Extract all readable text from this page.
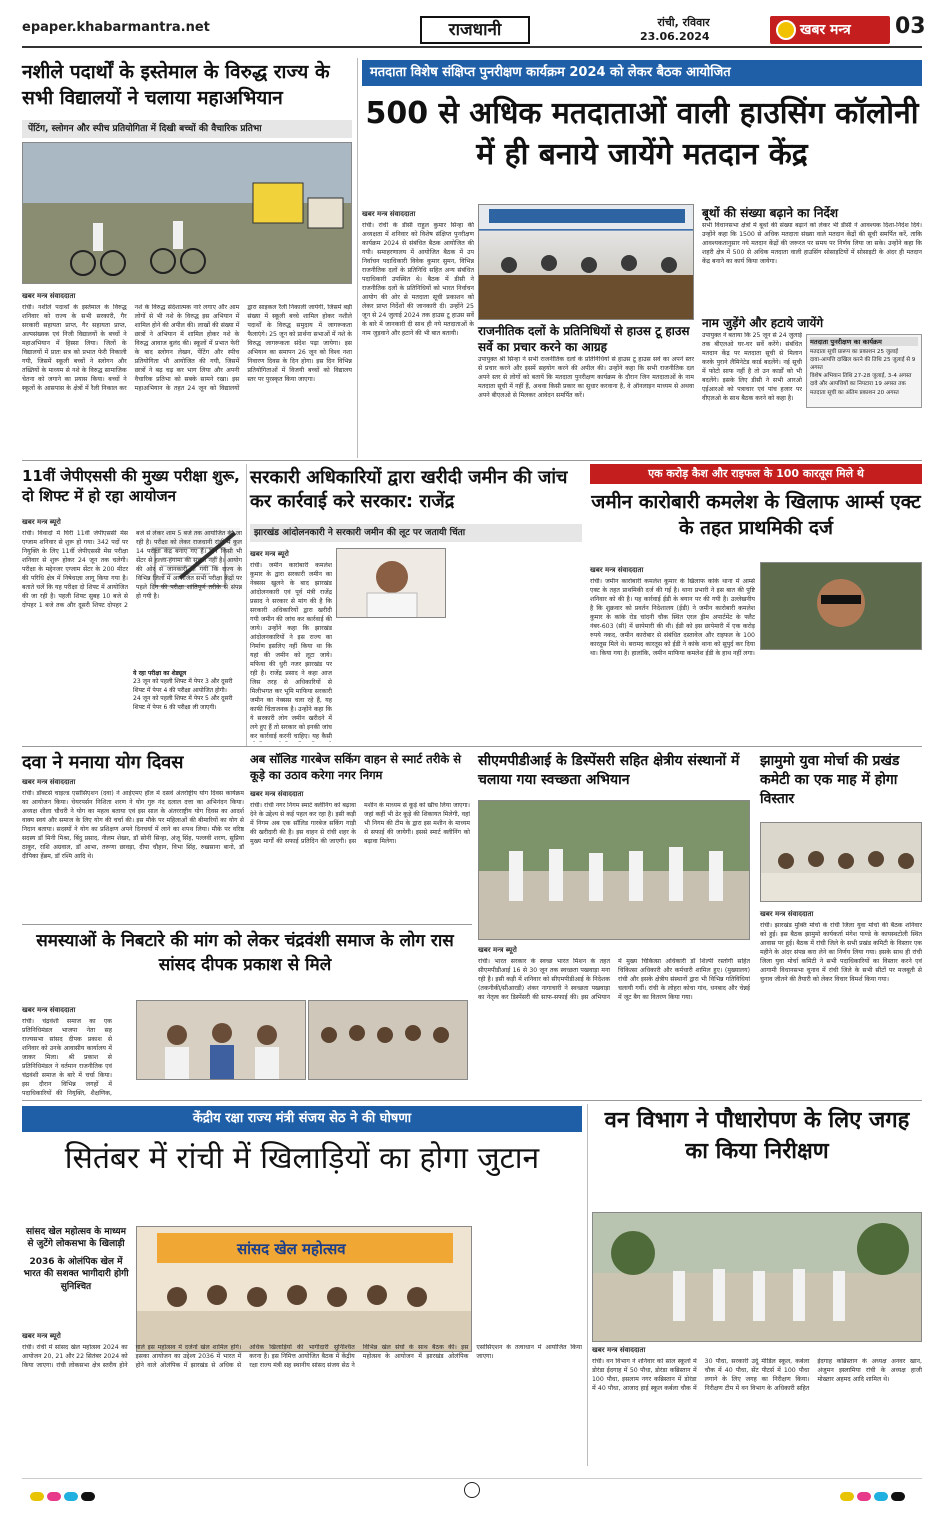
epaper.khabarmantra.net	राजधानी	रांची, रविवार
23.06.2024	खबर मन्त्र	03
नशीले पदार्थों के इस्तेमाल के विरुद्ध राज्य के सभी विद्यालयों ने चलाया महाअभियान
पेंटिंग, स्लोगन और स्पीच प्रतियोगिता में दिखी बच्चों की वैचारिक प्रतिभा
खबर मन्त्र संवाददाता
रांची। नशीले पदार्थों के इस्तेमाल के विरुद्ध शनिवार को राज्य के सभी सरकारी, गैर सरकारी सहायता प्राप्त, गैर सहायता प्राप्त, अल्पसंख्यक एवं निजी विद्यालयों के बच्चों ने महाअभियान में हिस्सा लिया। जिलों के विद्यालयों में प्रातः सत्र को प्रभात फेरी निकाली गयी, जिसमें स्कूली बच्चों ने स्लोगन और तख्तियों के माध्यम से नशे के विरुद्ध सामाजिक चेतना को जगाने का प्रयास किया। बच्चों ने स्कूलों के आसपास के क्षेत्रों में रैली निकाल कर नशे के विरुद्ध संदेशात्मक नारे लगाए और आम लोगों से भी नशे के विरुद्ध इस अभियान में शामिल होने की अपील की। लाखों की संख्या में छात्रों ने अभियान में शामिल होकर नशे के विरुद्ध आवाज बुलंद की। स्कूलों में प्रभात फेरी के बाद स्लोगन लेखन, पेंटिंग और स्पीच प्रतियोगिता भी आयोजित की गयी, जिसमें छात्रों ने बढ़ चढ़ कर भाग लिया और अपनी वैचारिक प्रतिभा को सबके सामने रखा। इस महाअभियान के तहत 24 जून को विद्यालयों द्वारा साइकल रैली निकाली जायेगी, जिसमें बड़ी संख्या में स्कूली बच्चे शामिल होकर नशीले पदार्थों के विरुद्ध समुदाय में जागरूकता फैलाएंगे। 25 जून को प्रार्थना सभाओं में नशे के विरुद्ध जागरूकता संदेश पढ़ा जायेगा। इस अभियान का समापन 26 जून को विश्व नशा निवारण दिवस के दिन होगा। इस दिन विभिन्न प्रतियोगिताओं में विजयी बच्चों को विद्यालय स्तर पर पुरस्कृत किया जाएगा।
मतदाता विशेष संक्षिप्त पुनरीक्षण कार्यक्रम 2024 को लेकर बैठक आयोजित
500 से अधिक मतदाताओं वाली हाउसिंग कॉलोनी में ही बनाये जायेंगे मतदान केंद्र
खबर मन्त्र संवाददाता
रांची। रांची के डीसी राहुल कुमार सिन्हा की अध्यक्षता में शनिवार को विशेष संक्षिप्त पुनरीक्षण कार्यक्रम 2024 से संबंधित बैठक आयोजित की गयी। समाहरणालय में आयोजित बैठक में उप निर्वाचन पदाधिकारी विवेक कुमार सुमन, विभिन्न राजनीतिक दलों के प्रतिनिधि सहित अन्य संबंधित पदाधिकारी उपस्थित थे। बैठक में डीसी ने राजनीतिक दलों के प्रतिनिधियों को भारत निर्वाचन आयोग की ओर से मतदाता सूची प्रकाशन को लेकर प्राप्त निर्देशों की जानकारी दी। उन्होंने 25 जून से 24 जुलाई 2024 तक हाउस टू हाउस सर्वे के बारे में जानकारी दी साथ ही नये मतदाताओं के नाम जुड़वाने और हटाने की भी बात बतायी।	राजनीतिक दलों के प्रतिनिधियों से हाउस टू हाउस सर्वे का प्रचार करने का आग्रह
उपायुक्त श्री सिन्हा ने सभी राजनीतिक दलों के प्रतिनिधियों से हाउस टू हाउस सर्वे का अपने स्तर से प्रचार करने और इसमें सहयोग करने की अपील की। उन्होंने कहा कि सभी राजनीतिक दल अपने स्तर से लोगों को बतायें कि मतदाता पुनरीक्षण कार्यक्रम के दौरान जिन मतदाताओं के नाम मतदाता सूची में नहीं हैं, अथवा किसी प्रकार का सुधार करवाना है, वे ऑनलाइन माध्यम से अथवा अपने बीएलओ से मिलकर आवेदन समर्पित करें।
बूथों की संख्या बढ़ाने का निर्देश
सभी विधानसभा क्षेत्रों में बूथों की संख्या बढ़ाने को लेकर भी डीसी ने आवश्यक दिशा-निर्देश दिये। उन्होंने कहा कि 1500 से अधिक मतदाता संख्या वाले मतदान केंद्रों की सूची समर्पित करें, ताकि आवश्यकतानुसार नये मतदान केंद्रों की जरूरत पर समय पर निर्णय लिया जा सके। उन्होंने कहा कि शहरी क्षेत्र में 500 से अधिक मतदाता वाली हाउसिंग सोसाइटियों में सोसाइटी के अंदर ही मतदान केंद्र बनाने का कार्य किया जायेगा।
नाम जुड़ेंगे और हटाये जायेंगे
उपायुक्त ने बताया कि 25 जून से 24 जुलाई तक बीएलओ घर-घर सर्वे करेंगे। संबंधित मतदान केंद्र पर मतदाता सूची से मिलान करके पुराने लैमिनेटेड कार्ड बदलेंगे। नई सूची में फोटो साफ नहीं है तो उन कार्डों को भी बदलेंगे। इसके लिए डीसी ने सभी आरओ एईआरओ को पत्राचार एवं पांच हजार पर वीएलओ के साथ बैठक करने को कहा है।
मतदाता पुनरीक्षण का कार्यक्रम
मतदाता सूची प्रारूप का प्रकाशन 25 जुलाई
दावा-आपत्ति दाखिल करने की तिथि 25 जुलाई से 9 अगस्त
विशेष अभियान तिथि 27-28 जुलाई, 3-4 अगस्त
दावे और आपत्तियों का निपटारा 19 अगस्त तक
मतदाता सूची का अंतिम प्रकाशन 20 अगस्त
11वीं जेपीएससी की मुख्य परीक्षा शुरू, दो शिफ्ट में हो रहा आयोजन
खबर मन्त्र ब्यूरो
रांची। विवादों में घिरी 11वीं जेपीएससी मेंस एग्जाम शनिवार से शुरू हो गया। 342 पदों पर नियुक्ति के लिए 11वीं जेपीएससी मेंस परीक्षा शनिवार से शुरू होकर 24 जून तक चलेगी। परीक्षा के मद्देनजर एग्जाम सेंटर के 200 मीटर की परिधि क्षेत्र में निषेधाज्ञा लागू किया गया है। बताते चलें कि यह परीक्षा दो शिफ्ट में आयोजित की जा रही है। पहली शिफ्ट सुबह 10 बजे से दोपहर 1 बजे तक और दूसरी शिफ्ट दोपहर 2 बजे से लेकर शाम 5 बजे तक आयोजित की जा रही है। परीक्षा को लेकर राजधानी रांची में कुल 14 परीक्षा केंद्र बनाए गए हैं। दिन किसी भी सेंटर से हल्ला-हंगामा की सूचना नहीं है। आयोग की ओर से जानकारी दी गयी कि राज्य के विभिन्न जिलों में आयोजित सभी परीक्षा केंद्रों पर पहले दिन की परीक्षा शांतिपूर्ण तरीके से संपन्न हो गयी है।
ये रहा परीक्षा का शेड्यूल
23 जून को पहली शिफ्ट में पेपर 3 और दूसरी शिफ्ट में पेपर 4 की परीक्षा आयोजित होगी।
24 जून को पहली शिफ्ट में पेपर 5 और दूसरी शिफ्ट में पेपर 6 की परीक्षा ली जाएगी।
सरकारी अधिकारियों द्वारा खरीदी जमीन की जांच कर कार्रवाई करे सरकार: राजेंद्र
झारखंड आंदोलनकारी ने सरकारी जमीन की लूट पर जतायी चिंता
खबर मन्त्र ब्यूरो
रांची। जमीन कारोबारी कमलेश कुमार के द्वारा सरकारी जमीन का नेक्सस खुलने के बाद झारखंड आंदोलनकारी एवं पूर्व मंत्री राजेंद्र प्रसाद ने सरकार से मांग की है कि सरकारी अधिकारियों द्वारा खरीदी गयी जमीन की जांच कर कार्रवाई की जाये। उन्होंने कहा कि झारखंड आंदोलनकारियों ने इस राज्य का निर्माण इसलिए नहीं किया था कि यहां की जमीन को लूटा जाये। मफिया की धुरी नजर झारखंड पर रही है। राजेंद्र प्रसाद ने कहा आज जिस तरह से अधिकारियों से मिलीभगत कर भूमि माफिया सरकारी जमीन का नेक्सस चला रहे हैं, यह काफी चिंताजनक है। उन्होंने कहा कि ये सरकारी लोग जमीन खरीदने में लगे हुए हैं तो सरकार को इनकी जांच कर कार्रवाई करनी चाहिए। यह कैसी
एक करोड़ कैश और राइफल के 100 कारतूस मिले थे
जमीन कारोबारी कमलेश के खिलाफ आर्म्स एक्ट के तहत प्राथमिकी दर्ज
खबर मन्त्र संवाददाता
रांची। जमीन कारोबारी कमलेश कुमार के खिलाफ कांके थाना में आर्म्स एक्ट के तहत प्राथमिकी दर्ज की गई है। थाना प्रभारी ने इस बात की पुष्टि शनिवार को की है। यह कार्रवाई ईडी के बयान पर की गयी है। उल्लेखनीय है कि शुक्रवार को प्रवर्तन निदेशालय (ईडी) ने जमीन कारोबारी कमलेश कुमार के कांके रोड चांदनी चौक स्थित एरल ड्रीम अपार्टमेंट के फ्लैट नंबर-603 (सी) में छापेमारी की थी। ईडी को इस छापेमारी में एक करोड़ रुपये नकद, जमीन कारोबार से संबंधित दस्तावेज और राइफल के 100 कारतूस मिले थे। बरामद कारतूस को ईडी ने कांके थाना को सुपुर्द कर दिया था। किया गया है। हालांकि, जमीन माफिया कमलेश ईडी के हाथ नहीं लगा।
दवा ने मनाया योग दिवस
खबर मन्त्र संवाददाता
रांची। डॉक्टर्स चाइल्ड एसोसिएशन (दवा) ने आईएमए हॉल में दसवें अंतर्राष्ट्रीय योग दिवस कार्यक्रम का आयोजन किया। चेयरपर्सन निशिता शरण ने योग गुरु नंद दलाल दत्ता का अभिनंदन किया। अध्यक्ष शीला चौधरी ने योग का महत्व बताया एवं इस साल के अंतरराष्ट्रीय योग दिवस का आदर्श वाक्य स्वयं और समाज के लिए योग की चर्चा की। इस मौके पर महिलाओं की बीमारियों का योग से निदान बताया। सदस्यों ने योग का प्रशिक्षण अपने दिनचर्या में लाने का शपथ लिया। मौके पर वरिष्ठ सदस्य डॉ मिनी मिश्रा, बिंदु प्रसाद, नीलम शेखर, डॉ सोनी सिन्हा, अंजू सिंह, पल्लवी शरण, सुप्रिया ठाकुर, राशि अग्रवाल, डॉ आभा, तरूणा छावड़ा, दीपा चौहान, विभा सिंह, रुखसाना बानो, डॉ दीपिका हेंब्रम, डॉ रश्मि आदि थे।
अब सॉलिड गारबेज सकिंग वाहन से स्मार्ट तरीके से कूड़े का उठाव करेगा नगर निगम
खबर मन्त्र संवाददाता
रांची। रांची नगर निगम स्मार्ट क्लीनिंग को बढ़ावा देने के उद्देश्य से कई पहल कर रहा है। इसी कड़ी में निगम अब एक सॉलिड गारबेज सकिंग गाड़ी की खरीदारी की है। इस वाहन से रांची शहर के मुख्य मार्गों की सफाई प्रतिदिन की जाएगी। इस मशीन के माध्यम से कूड़े को खींच लिया जाएगा। जहां कहीं भी ढेर कूड़े की शिकायत मिलेगी, वहां भी निगम की टीम के द्वारा इस मशीन के माध्यम से सफाई की जायेगी। इससे स्मार्ट क्लीनिंग को बढ़ावा मिलेगा।
सीएमपीडीआई के डिस्पेंसरी सहित क्षेत्रीय संस्थानों में चलाया गया स्वच्छता अभियान
खबर मन्त्र ब्यूरो
रांची। भारत सरकार के स्वच्छ भारत मिशन के तहत सीएमपीडीआई 16 से 30 जून तक स्वच्छता पखवाड़ा मना रही है। इसी कड़ी में शनिवार को सीएमपीडीआई के निदेशक (तकनीकी/सीआरडी) शंकर नागाचारी ने स्वच्छता पखवाड़ा का नेतृत्व कर डिस्पेंसरी की साफ-सफाई की। इस अभियान में मुख्य चिकित्सा अधिकारी डॉ शिल्पी रस्तोगी सहित चिकित्सा अधिकारी और कर्मचारी शामिल हुए। (मुख्यालय) रांची और इसके क्षेत्रीय संस्थानों द्वारा भी विभिन्न गतिविधियां चलायी गयीं। रांची के लोहरा कोचा गांव, धनबाद और चेन्नई में जूट बैग का वितरण किया गया।
झामुमो युवा मोर्चा की प्रखंड कमेटी का एक माह में होगा विस्तार
खबर मन्त्र संवाददाता
रांची। झारखंड मुक्ति मोर्चा के रांची जिला युवा मोर्चा की बैठक शनिवार को हुई। इस बैठक झामुमो कार्यकर्ता मंगेश पाण्डे के कायस्थटोली स्थित आवास पर हुई। बैठक में रांची जिले के सभी प्रखंड कमिटी के विस्तार एक महीने के अंदर संपन्न करा लेने का निर्णय लिया गया। इसके साथ ही रांची जिला युवा मोर्चा कमिटी ने सभी पदाधिकारियों का विस्तार करने एवं आगामी विधानसभा चुनाव में रांची जिले के सभी सीटों पर मजबूती से चुनाव जीतने की तैयारी को लेकर विचार विमर्श किया गया।
समस्याओं के निबटारे की मांग को लेकर चंद्रवंशी समाज के लोग रास सांसद दीपक प्रकाश से मिले
खबर मन्त्र संवाददाता
रांची। चंद्रवंशी समाज का एक प्रतिनिधिमंडल भाजपा नेता सह राज्यसभा सांसद दीपक प्रकाश से शनिवार को उनके आवासीय कार्यालय में जाकर मिला। श्री प्रकाश से प्रतिनिधिमंडल ने वर्तमान राजनीतिक एवं चंद्रवंशी समाज के बारे में चर्चा किया। इस दौरान विभिन्न जगहों में पदाधिकारियों की नियुक्ति, शैक्षणिक,
केंद्रीय रक्षा राज्य मंत्री संजय सेठ ने की घोषणा
सितंबर में रांची में खिलाड़ियों का होगा जुटान
सांसद खेल महोत्सव के माध्यम से जुटेंगे लोकसभा के खिलाड़ी
2036 के ओलंपिक खेल में भारत की सशक्त भागीदारी होगी सुनिश्चित
खबर मन्त्र ब्यूरो
सांसद खेल महोत्सव
रांची। रांची में सांसद खेल महोत्सव 2024 का आयोजन 20, 21 और 22 सितंबर 2024 को किया जाएगा। रांची लोकसभा क्षेत्र स्तरीय होने वाले इस महोत्सव में दर्जनों खेल शामिल होंगे। इसका आयोजन का उद्देश्य 2036 में भारत में होने वाले ओलंपिक में झारखंड से अधिक से अधिक खिलाड़ियों की भागीदारी सुनिश्चित करना है। इस निमित्त आयोजित बैठक में केंद्रीय रक्षा राज्य मंत्री सह स्थानीय सांसद संजय सेठ ने विभिन्न खेल संघों के साथ बैठक की। इस महोत्सव के आयोजन में झारखंड ओलंपिक एसोसिएशन के तत्वाधान में आयोजित किया जाएगा।
वन विभाग ने पौधारोपण के लिए जगह का किया निरीक्षण
खबर मन्त्र संवाददाता
रांची। वन विभाग ने शनिवार को साल स्कूलों में डोरंडा ईदगाह में 50 पौधा, डोरंडा कब्रिस्तान में 100 पौधा, इसलाम नगर कब्रिस्तान में डोरंडा में 40 पौधा, आजाद हाई स्कूल कर्बला चौक में 30 पौधा, सरकारी उर्दू मीडिल स्कूल, कर्बला चौक में 40 पौधा, सेंट पीटर्स में 100 पौधा लगाने के लिए जगह का निरीक्षण किया। निरीक्षण टीम में वन विभाग के अधिकारी सहित ईदगाह कब्रिस्तान के अध्यक्ष अनवर खान, अंजुमन इस्लामिया रांची के अध्यक्ष हाजी मोख्तार अहमद आदि शामिल थे।
